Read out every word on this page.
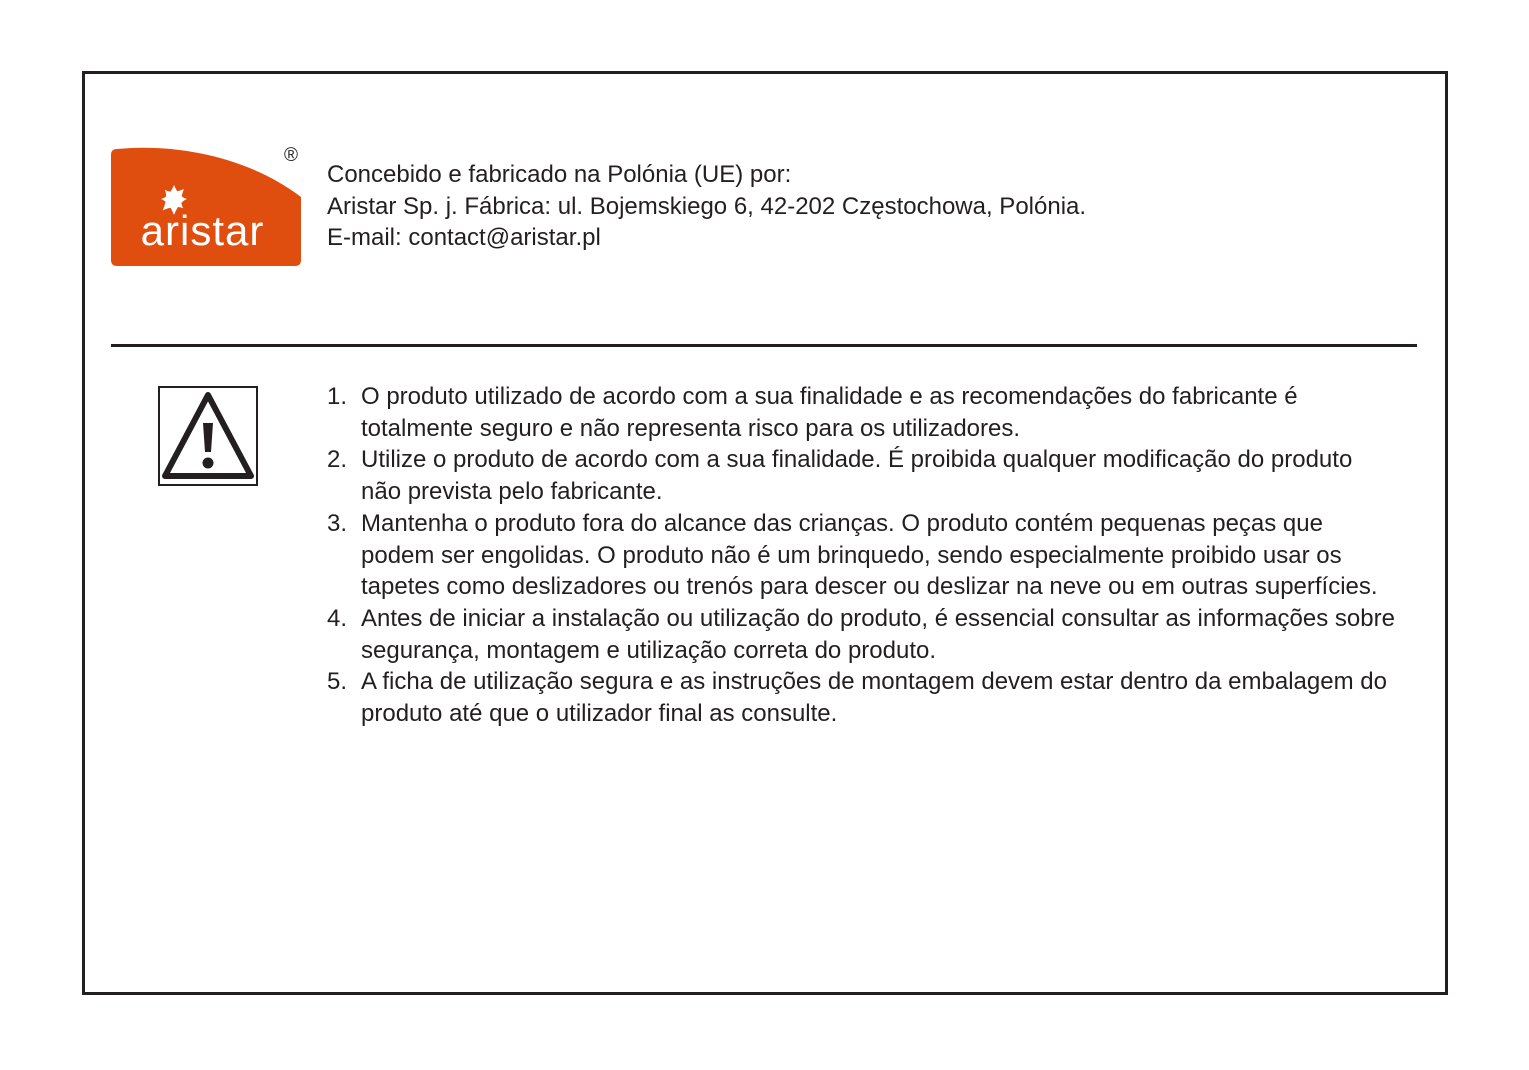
aristar
®
Concebido e fabricado na Polónia (UE) por:
Aristar Sp. j. Fábrica: ul. Bojemskiego 6, 42-202 Częstochowa, Polónia.
E-mail: contact@aristar.pl
1. O produto utilizado de acordo com a sua finalidade e as recomendações do fabricante é totalmente seguro e não representa risco para os utilizadores.
2. Utilize o produto de acordo com a sua finalidade. É proibida qualquer modificação do produto não prevista pelo fabricante.
3. Mantenha o produto fora do alcance das crianças. O produto contém pequenas peças que podem ser engolidas. O produto não é um brinquedo, sendo especialmente proibido usar os tapetes como deslizadores ou trenós para descer ou deslizar na neve ou em outras superfícies.
4. Antes de iniciar a instalação ou utilização do produto, é essencial consultar as informações sobre segurança, montagem e utilização correta do produto.
5. A ficha de utilização segura e as instruções de montagem devem estar dentro da embalagem do produto até que o utilizador final as consulte.
